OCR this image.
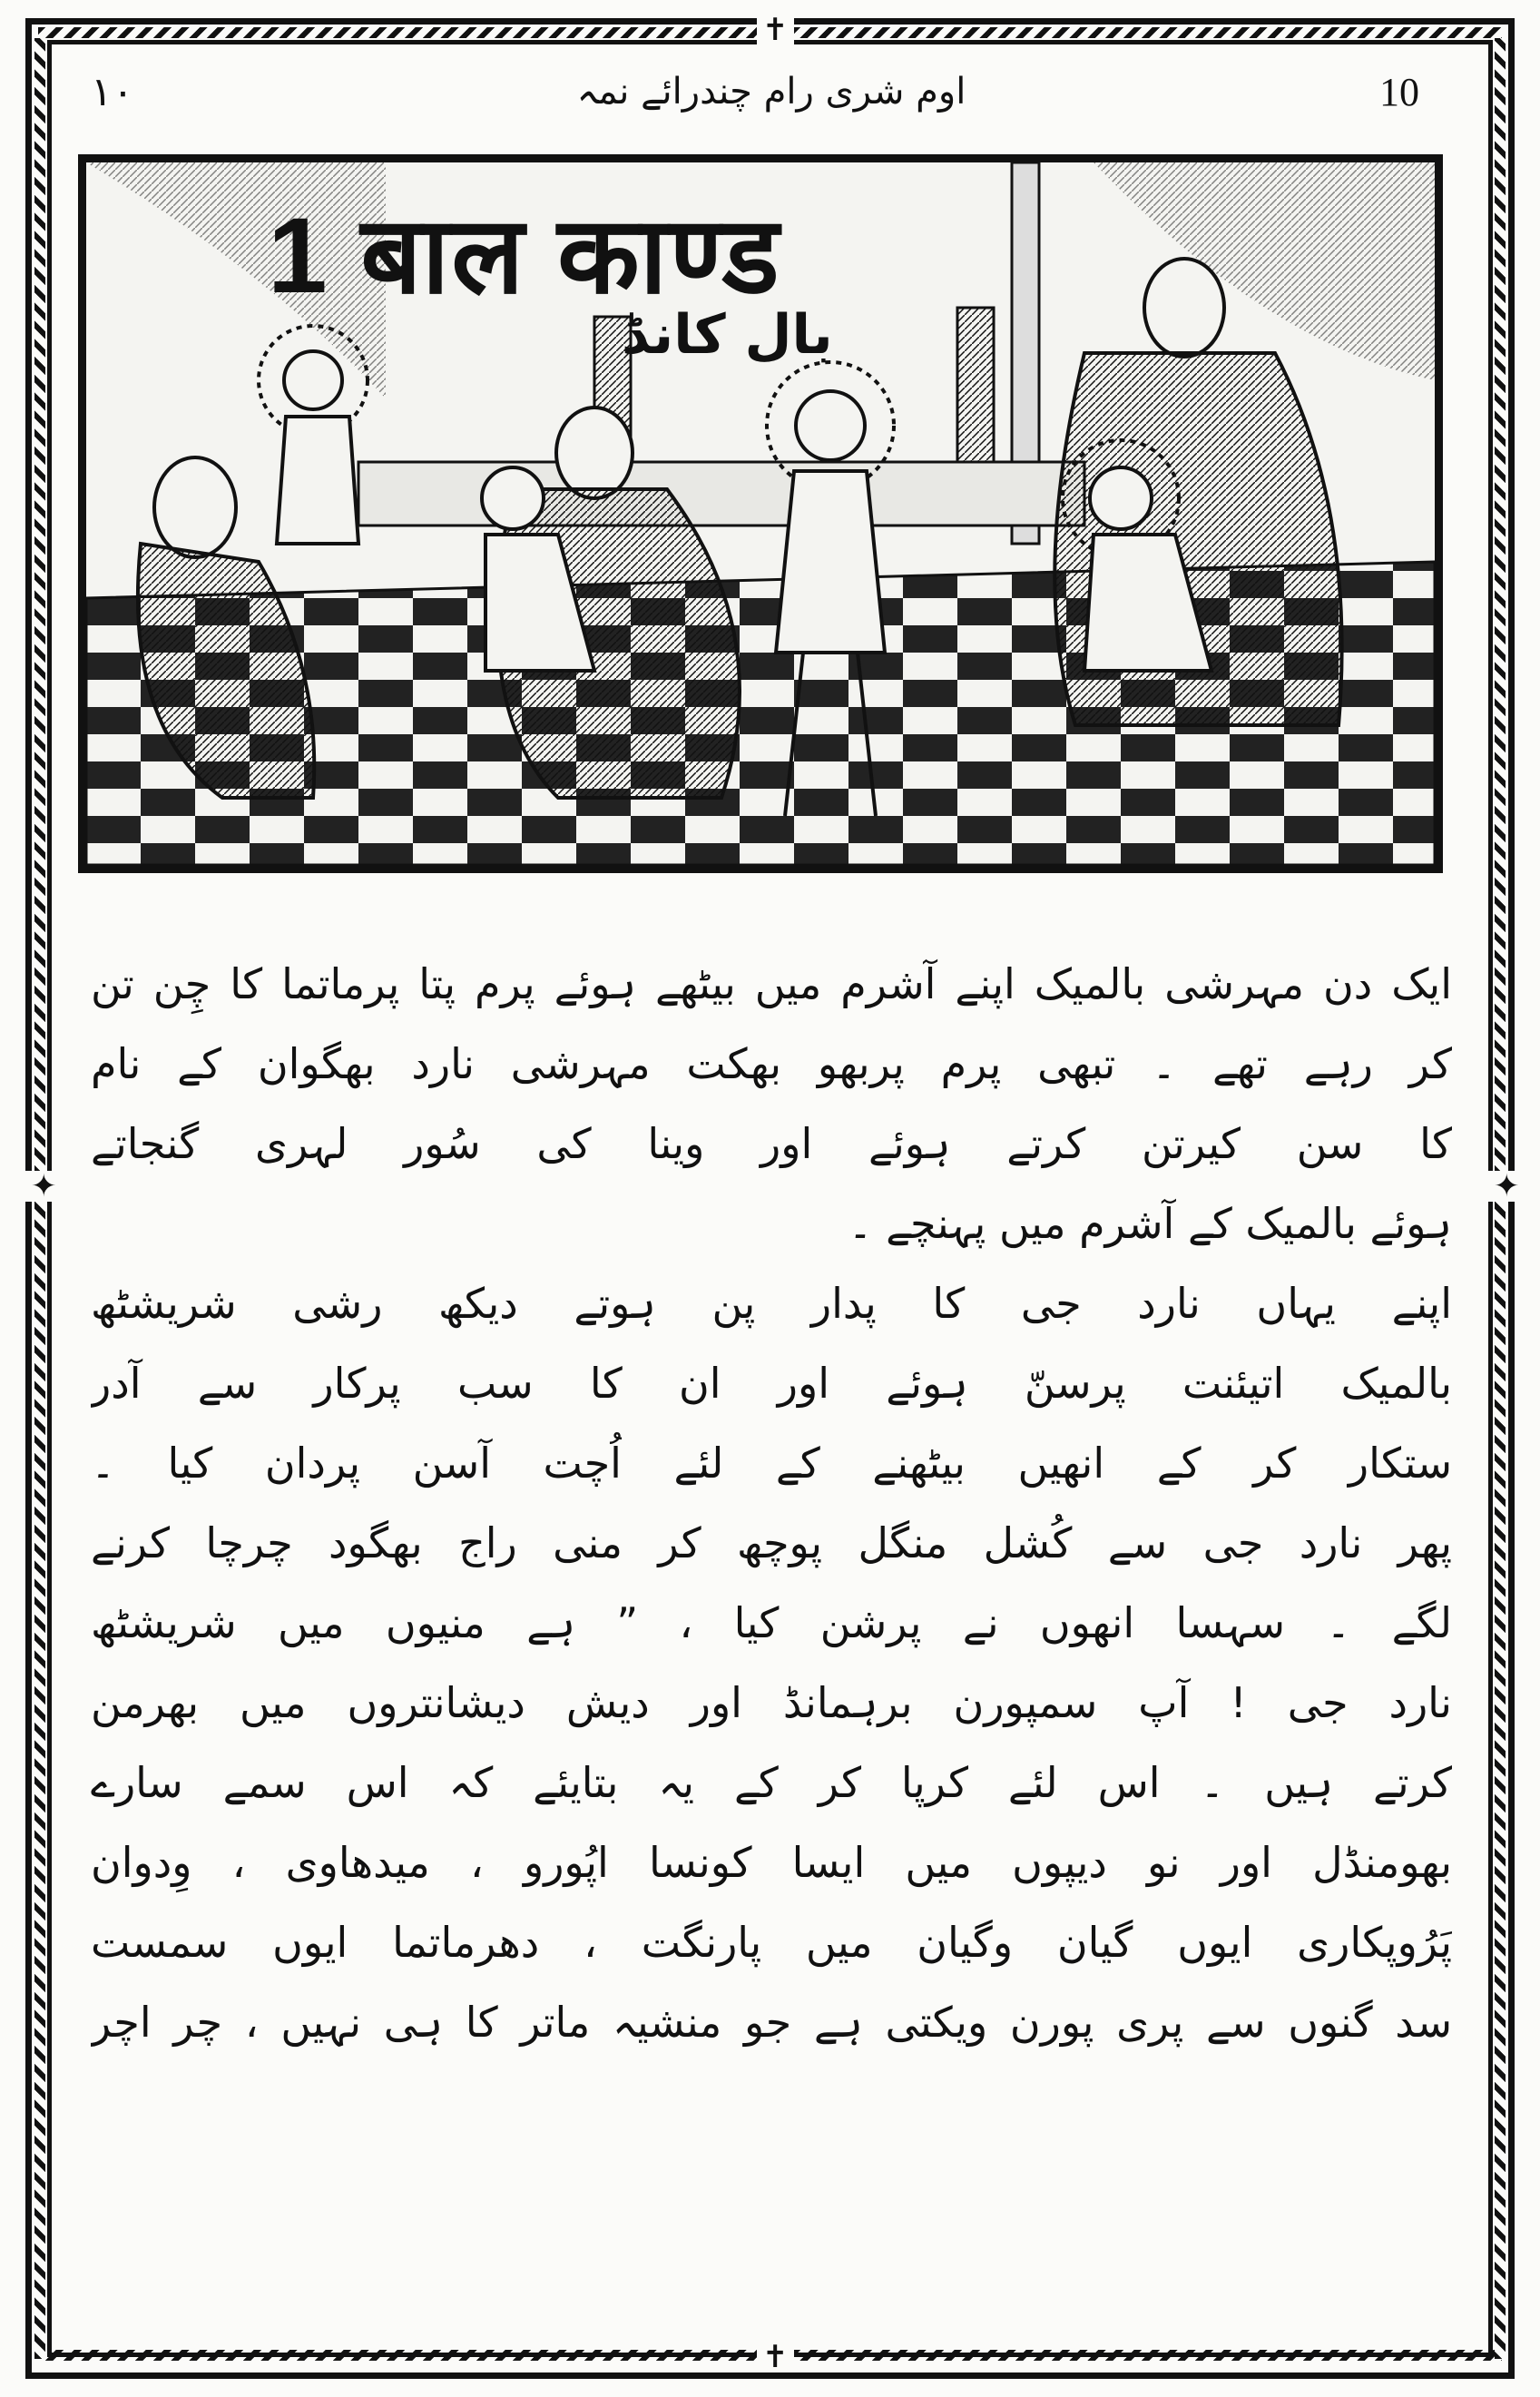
✝
✝
✦	✦
۱۰	اوم شری رام چندرائے نمہ	10
1 बाल काण्ड
بال کانڈ
ایک دن مہرشی بالمیک اپنے آشرم میں بیٹھے ہوئے پرم پتا پرماتما کا چِن تن
کر رہے تھے ۔ تبھی پرم پربھو بھکت مہرشی نارد بھگوان کے نام
کا سن کیرتن کرتے ہوئے اور وینا کی سُور لہری گنجاتے
ہوئے بالمیک کے آشرم میں پہنچے ۔
اپنے یہاں نارد جی کا پدار پن ہوتے دیکھ رشی شریشٹھ
بالمیک اتیئنت پرسنّ ہوئے اور ان کا سب پرکار سے آدر
ستکار کر کے انھیں بیٹھنے کے لئے اُچت آسن پردان کیا ۔
پھر نارد جی سے کُشل منگل پوچھ کر منی راج بھگود چرچا کرنے
لگے ۔ سہسا انھوں نے پرشن کیا ، ” ہے منیوں میں شریشٹھ
نارد جی ! آپ سمپورن برہمانڈ اور دیش دیشانتروں میں بھرمن
کرتے ہیں ۔ اس لئے کرپا کر کے یہ بتایئے کہ اس سمے سارے
بھومنڈل اور نو دیپوں میں ایسا کونسا اپُورو ، میدھاوی ، وِدوان
پَرُوپکاری ایوں گیان وگیان میں پارنگت ، دھرماتما ایوں سمست
سد گنوں سے پری پورن ویکتی ہے جو منشیہ ماتر کا ہی نہیں ، چر اچر
